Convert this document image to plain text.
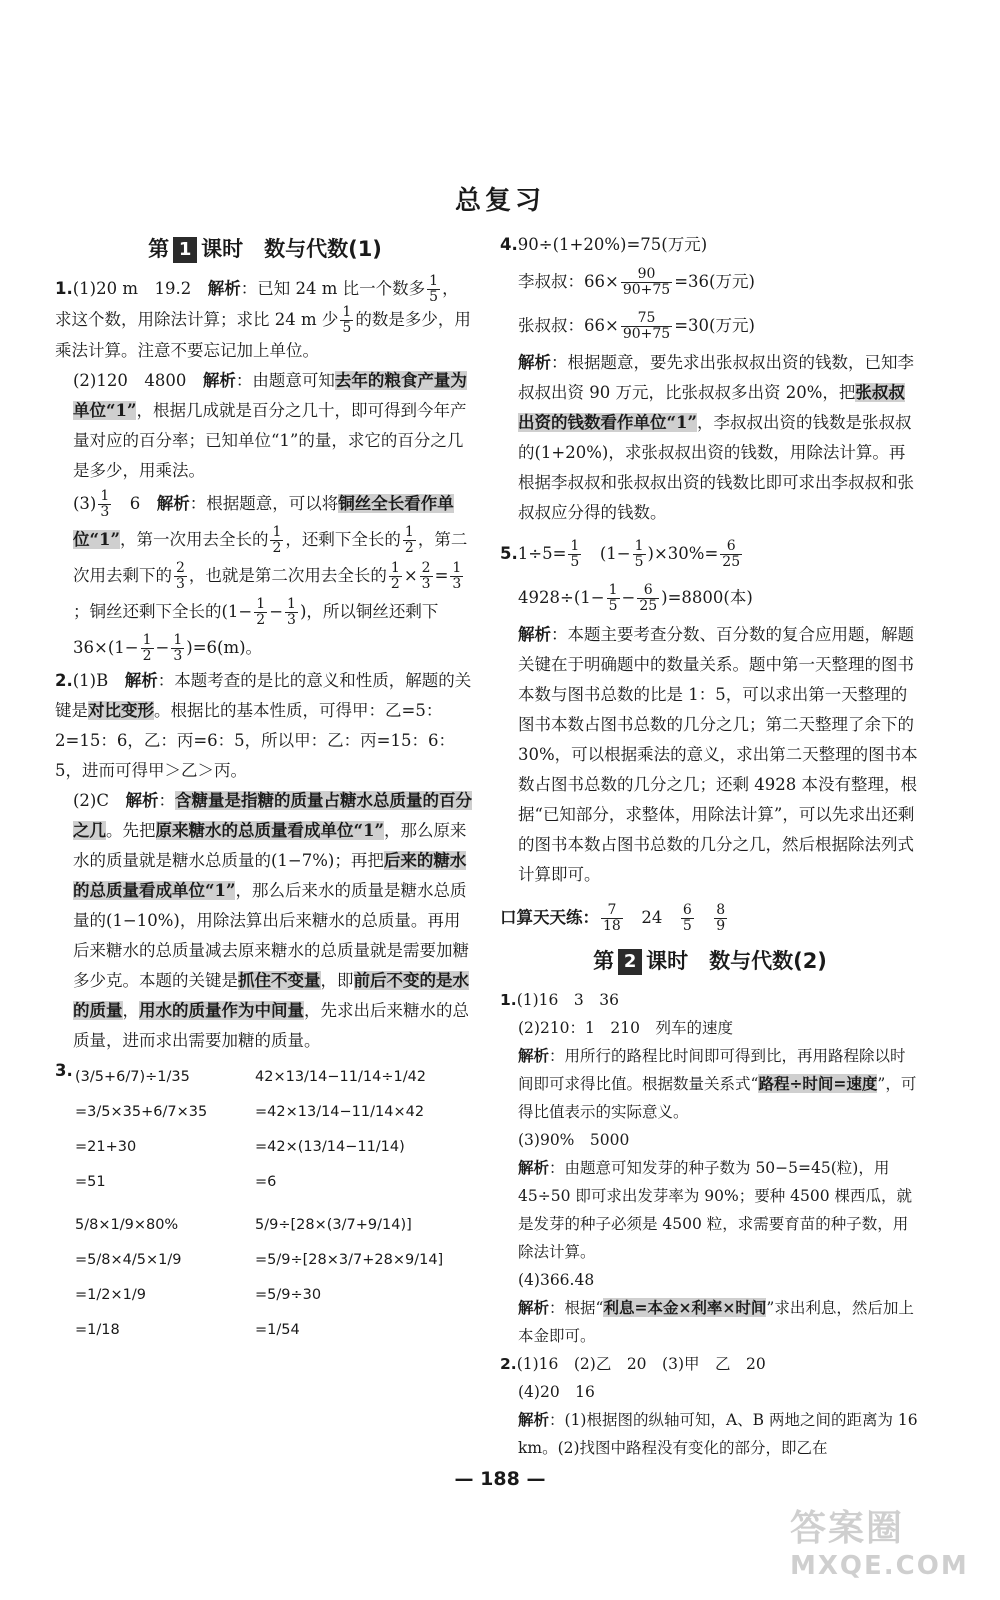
总复习
第 1 课时　数与代数(1)

1.(1)20 m　19.2　解析：已知 24 m 比一个数多 $\frac{1}{5}$ ，求这个数，用除法计算；求比 24 m 少 $\frac{1}{5}$ 的数是多少，用乘法计算。注意不要忘记加上单位。

(2)120　4800　解析：由题意可知去年的粮食产量为单位“1”，根据几成就是百分之几十，即可得到今年产量对应的百分率；已知单位“1”的量，求它的百分之几是多少，用乘法。

$(3) \frac{1}{3}$ 　6　解析：根据题意，可以将铜丝全长看作单位“1”，第一次用去全长的 $\frac{1}{2}$ ，还剩下全长的 $\frac{1}{2}$ ，第二次用去剩下的 $\frac{2}{3}$ ，也就是第二次用去全长的 $\frac{1}{2} \times \frac{2}{3} = \frac{1}{3}$
；铜丝还剩下全长的($1- \frac{1}{2} - \frac{1}{3}$ )，所以铜丝还剩下 $36\times(1- \frac{1}{2} - \frac{1}{3} )=6(m)$。

2.(1)B　解析：本题考查的是比的意义和性质，解题的关键是对比变形。根据比的基本性质，可得甲：乙=5：2=15：6，乙：丙=6：5，所以甲：乙：丙=15：6：5，进而可得甲＞乙＞丙。

(2)C　解析：含糖量是指糖的质量占糖水总质量的百分之几。先把原来糖水的总质量看成单位“1”，那么原来水的质量就是糖水总质量的(1−7%)；再把后来的糖水的总质量看成单位“1”，那么后来水的质量是糖水总质量的(1−10%)，用除法算出后来糖水的总质量。再用后来糖水的总质量减去原来糖水的总质量就是需要加糖多少克。本题的关键是抓住不变量，即前后不变的是水的质量，用水的质量作为中间量，先求出后来糖水的总质量，进而求出需要加糖的质量。

3. (3/5+6/7)÷1/35
=3/5×35+6/7×35
=21+30
=51
5/8×1/9×80%
=5/8×4/5×1/9
=1/2×1/9
=1/18
42×13/14−11/14÷1/42
=42×13/14−11/14×42
=42×(13/14−11/14)
=6
5/9÷[28×(3/7+9/14)]
=5/9÷[28×3/7+28×9/14]
=5/9÷30
=1/54

4.90÷(1+20%)=75(万元)

李叔叔：$66\times \frac{90}{90+75} =36$(万元)

张叔叔：$66\times \frac{75}{90+75} =30$(万元)

解析：根据题意，要先求出张叔叔出资的钱数，已知李叔叔出资 90 万元，比张叔叔多出资 20%，把张叔叔出资的钱数看作单位“1”，李叔叔出资的钱数是张叔叔的(1+20%)，求张叔叔出资的钱数，用除法计算。再根据李叔叔和张叔叔出资的钱数比即可求出李叔叔和张叔叔应分得的钱数。

$5.1\div 5= \frac{1}{5}$
　 $(1- \frac{1}{5} )\times 30\%= \frac{6}{25}$

$4928\div(1- \frac{1}{5} - \frac{6}{25} )=8800$(本)

解析：本题主要考查分数、百分数的复合应用题，解题关键在于明确题中的数量关系。题中第一天整理的图书本数与图书总数的比是 1：5，可以求出第一天整理的图书本数占图书总数的几分之几；第二天整理了余下的 30%，可以根据乘法的意义，求出第二天整理的图书本数占图书总数的几分之几；还剩 4928 本没有整理，根据“已知部分，求整体，用除法计算”，可以先求出还剩的图书本数占图书总数的几分之几，然后根据除法列式计算即可。

口算天天练： $\frac{7}{18}$
　 24　 $\frac{6}{5}$
　 $\frac{8}{9}$

第 2 课时　数与代数(2)

1.(1)16　3　36

(2)210：1　210　列车的速度

解析：用所行的路程比时间即可得到比，再用路程除以时间即可求得比值。根据数量关系式“路程÷时间=速度”，可得比值表示的实际意义。

(3)90%　5000

解析：由题意可知发芽的种子数为 50−5=45(粒)，用 45÷50 即可求出发芽率为 90%；要种 4500 棵西瓜，就是发芽的种子必须是 4500 粒，求需要育苗的种子数，用除法计算。

(4)366.48

解析：根据“利息=本金×利率×时间”求出利息，然后加上本金即可。

2.(1)16　(2)乙　20　(3)甲　乙　20

(4)20　16

解析：(1)根据图的纵轴可知，A、B 两地之间的距离为 16 km。(2)找图中路程没有变化的部分，即乙在

— 188 —
答案圈
MXQE.COM
